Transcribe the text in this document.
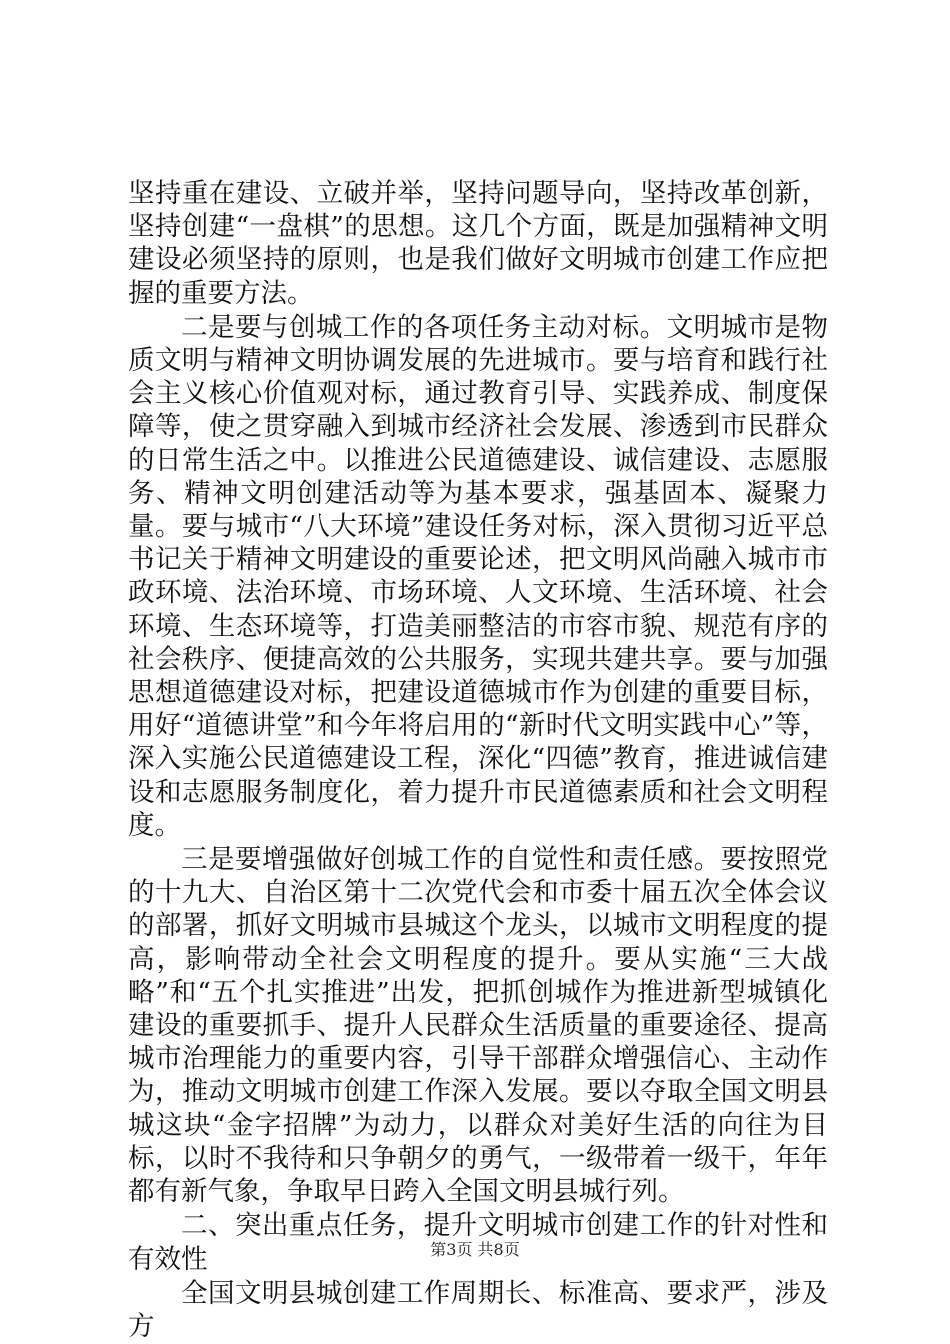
坚持重在建设、立破并举，坚持问题导向，坚持改革创新，坚持创建“一盘棋”的思想。这几个方面，既是加强精神文明建设必须坚持的原则，也是我们做好文明城市创建工作应把握的重要方法。

二是要与创城工作的各项任务主动对标。文明城市是物质文明与精神文明协调发展的先进城市。要与培育和践行社会主义核心价值观对标，通过教育引导、实践养成、制度保障等，使之贯穿融入到城市经济社会发展、渗透到市民群众的日常生活之中。以推进公民道德建设、诚信建设、志愿服务、精神文明创建活动等为基本要求，强基固本、凝聚力量。要与城市“八大环境”建设任务对标，深入贯彻习近平总书记关于精神文明建设的重要论述，把文明风尚融入城市市政环境、法治环境、市场环境、人文环境、生活环境、社会环境、生态环境等，打造美丽整洁的市容市貌、规范有序的社会秩序、便捷高效的公共服务，实现共建共享。要与加强思想道德建设对标，把建设道德城市作为创建的重要目标，用好“道德讲堂”和今年将启用的“新时代文明实践中心”等，深入实施公民道德建设工程，深化“四德”教育，推进诚信建设和志愿服务制度化，着力提升市民道德素质和社会文明程度。

三是要增强做好创城工作的自觉性和责任感。要按照党的十九大、自治区第十二次党代会和市委十届五次全体会议的部署，抓好文明城市县城这个龙头，以城市文明程度的提高，影响带动全社会文明程度的提升。要从实施“三大战略”和“五个扎实推进”出发，把抓创城作为推进新型城镇化建设的重要抓手、提升人民群众生活质量的重要途径、提高城市治理能力的重要内容，引导干部群众增强信心、主动作为，推动文明城市创建工作深入发展。要以夺取全国文明县城这块“金字招牌”为动力，以群众对美好生活的向往为目标，以时不我待和只争朝夕的勇气，一级带着一级干，年年都有新气象，争取早日跨入全国文明县城行列。

二、突出重点任务，提升文明城市创建工作的针对性和有效性

全国文明县城创建工作周期长、标准高、要求严，涉及方

第3页 共8页
